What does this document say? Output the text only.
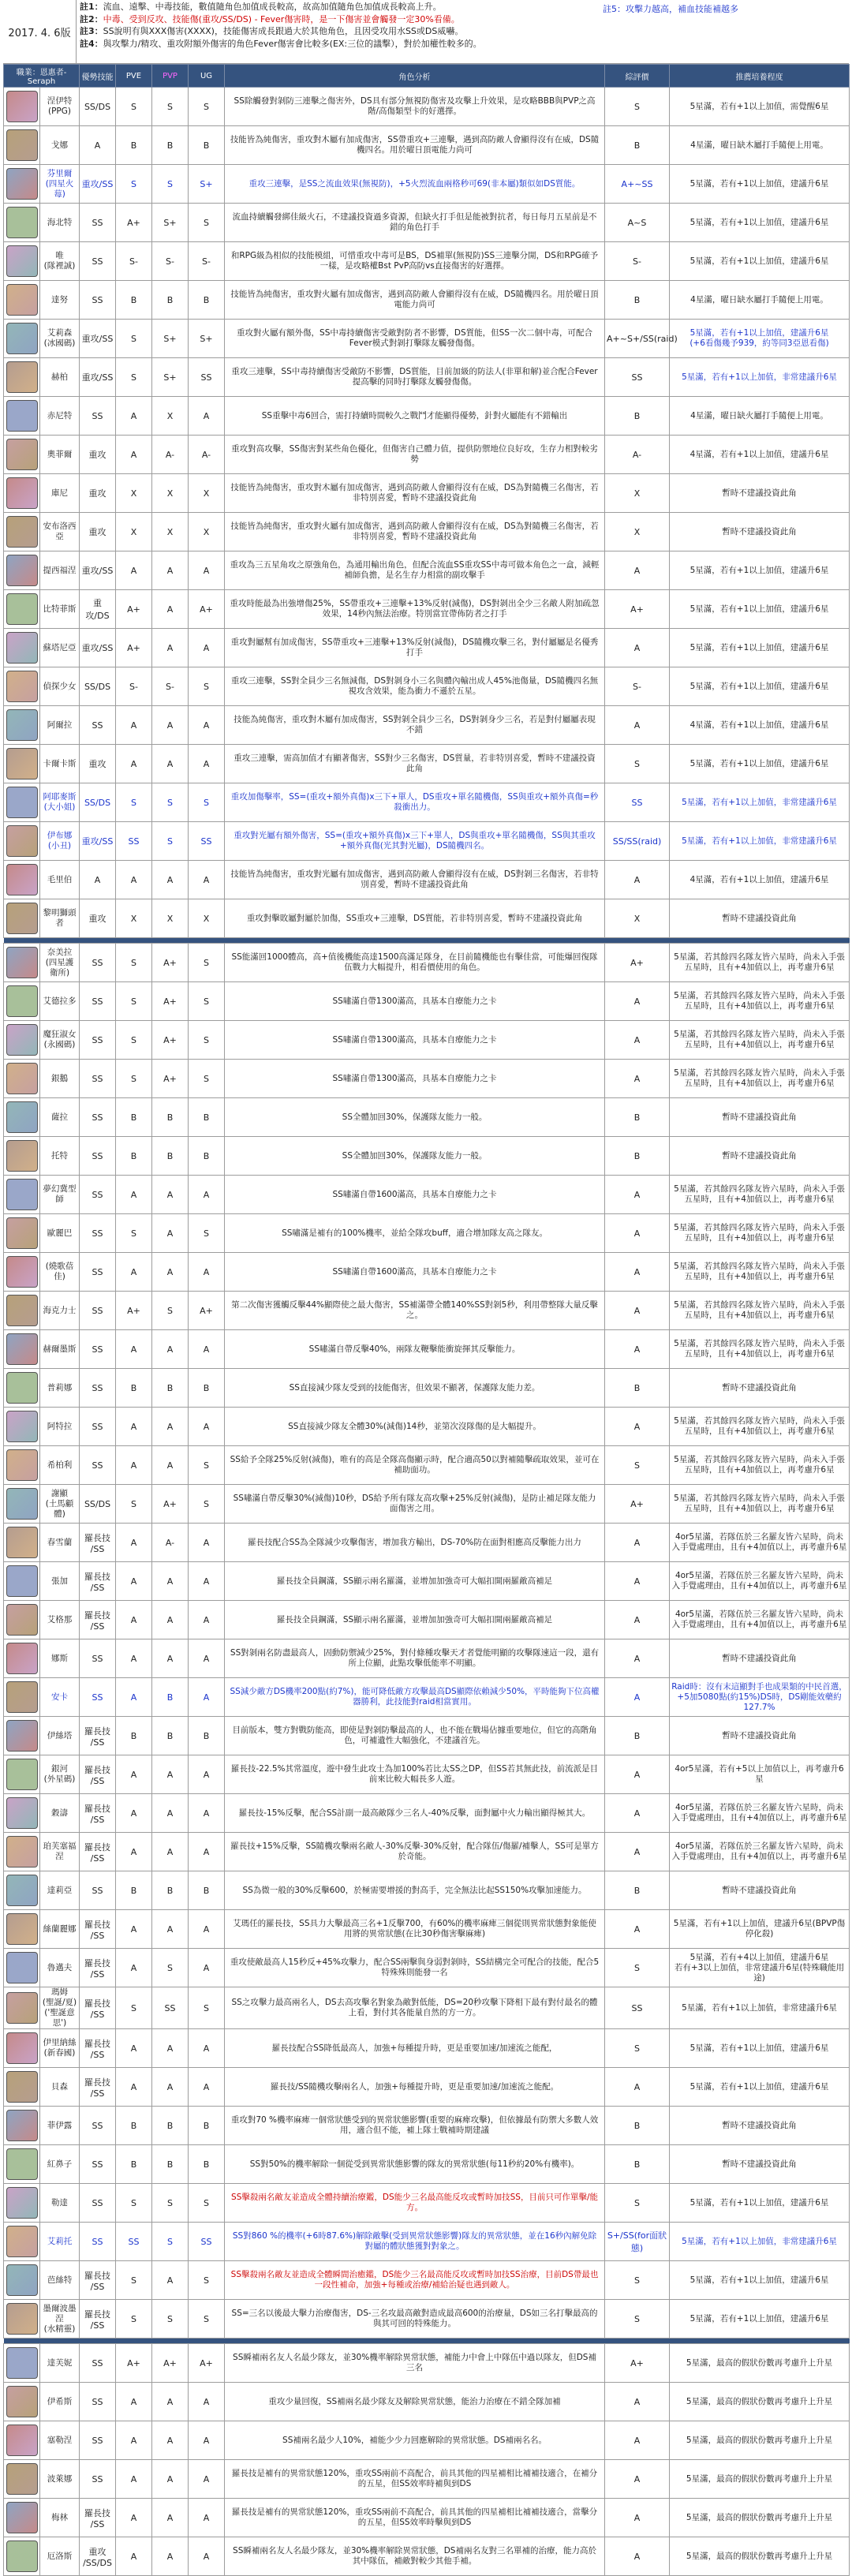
2017. 4. 6版
註1：流血、遠擊、中毒技能，數值隨角色加值成長較高，故高加值隨角色加值成長較高上升。
註2：中毒、受到反攻、技能傷(重攻/SS/DS) - Fever傷害時，是一下傷害並會觸發一定30%看備。
註3：SS說明有與XXX傷害(XXXX)，技能傷害成長跟過大於其他角色，且因受攻用水SS或DS威嚇。
註4：與攻擊力/精攻、重攻附額外傷害的角色Fever傷害會比較多(EX:三位的議擊），對於加權性較多的。
註5：攻擊力越高，補血技能補越多
職業：恩惠者-Seraph		優勢技能	PVE	PVP	UG	角色分析	綜評價	推薦培養程度

	涅伊特
(PPG)	SS/DS	S	S	S	SS除觸發對剝防三連擊之傷害外，DS具有部分無視防傷害及攻擊上升效果，是攻略BBB與PVP之高階/高傷類型卡的好選擇。	S	5星滿，若有+1以上加值，需覺醒6星

	戈娜	A	B	B	B	技能皆為純傷害，重攻對木屬有加成傷害，SS帶重攻+三連擊，遇到高防敵人會顯得沒有在威，DS隨機四名。用於曜日頂電能力尚可	B	4星滿，曜日缺木屬打手隨便上用電。

	芬里爾
(四星火莓)	重攻/SS	S	S	S+	重攻三連擊，是SS之流血效果(無視防)，+5火烈流血兩格秒可69(非本屬)類似如DS質能。	A+~SS	5星滿，若有+1以上加值，建議升6星

	海北特	SS	A+	S+	S	流血持續觸發綁佳級火石，不建議投資過多資源，但缺火打手但是能被對抗者，每日每月五星前是不錯的角色打手	A~S	5星滿，若有+1以上加值，建議升6星

	唯
(隊裡誠)	SS	S-	S-	S-	和RPG級為相似的技能模組，可惜重攻中毒可是BS，DS補單(無視防)SS三連擊分開，DS和RPG確予一樣，是攻略權Bst PvP高防vs直接傷害的好選擇。	S-	5星滿，若有+1以上加值，建議升6星

	達努	SS	B	B	B	技能皆為純傷害，重攻對火屬有加成傷害，遇到高防敵人會顯得沒有在威，DS隨機四名。用於曜日頂電能力尚可	B	4星滿，曜日缺水屬打手隨便上用電。

	艾莉森
(冰國碼)	重攻/SS	S	S+	S+	重攻對火屬有額外傷，SS中毒持續傷害受敵對防者不影響，DS質能，但SS一次二個中毒，可配合Fever模式對剝打擊隊友觸發傷傷。	A+~S+/SS(raid)	5星滿，若有+1以上加值，建議升6星
(+6看傷幾予939，約等同3亞恩看傷)

	赫柏	重攻/SS	S	S+	SS	重攻三連擊，SS中毒持續傷害受敵防不影響，DS質能，目前加級的防法人(非單和解)並合配合Fever提高擊的同時打擊隊友觸發傷傷。	SS	5星滿，若有+1以上加值，非常建議升6星

	赤尼特	SS	A	X	A	SS重擊中毒6回合，需打持續時間較久之戰鬥才能顯得優勢，針對火屬能有不錯輸出	B	4星滿，曜日缺火屬打手隨便上用電。

	奧菲爾	重攻	A	A-	A-	重攻對高攻擊，SS傷害對某些角色優化，但傷害自己體力值，提供防禦地位良好攻，生存力相對較劣勢	A-	4星滿，若有+1以上加值，建議升6星

	庫尼	重攻	X	X	X	技能皆為純傷害，重攻對木屬有加成傷害，遇到高防敵人會顯得沒有在威，DS為對隨機三名傷害，若非特別喜愛，暫時不建議投資此角	X	暫時不建議投資此角

	安布洛西亞	重攻	X	X	X	技能皆為純傷害，重攻對火屬有加成傷害，遇到高防敵人會顯得沒有在威，DS為對隨機三名傷害，若非特別喜愛，暫時不建議投資此角	X	暫時不建議投資此角

	提西福涅	重攻/SS	A	A	A	重攻為三五星角攻之原強角色，為通用輸出角色，但配合流血SS重攻SS中毒可做本角色之一盒，減輕補師負擔，是名生存力相當的副攻擊手	A	5星滿，若有+1以上加值，建議升6星

	比特菲斯	重攻/DS	A+	A	A+	重攻時能最為出強增傷25%，SS帶重攻+三連擊+13%反射(減傷)，DS對剝出全少三名敵人附加疏忽效果，14秒內無法治療。特別當宜帶佈防者之打手	A+	5星滿，若有+1以上加值，建議升6星

	蘇塔尼亞	重攻/SS	A+	A	A	重攻對屬幫有加成傷害，SS帶重攻+三連擊+13%反射(減傷)，DS隨機攻擊三名，對付屬屬是名優秀打手	A	5星滿，若有+1以上加值，建議升6星

	偵探少女	SS/DS	S-	S-	S	重攻三連擊，SS對全員少三名無減傷，DS對剝身小三名與體內輸出成人45%池傷量，DS隨機四名無視攻含效果，能為衝力不遜於五星。	S-	5星滿，若有+1以上加值，建議升6星

	阿爾拉	SS	A	A	A	技能為純傷害，重攻對木屬有加成傷害，SS對剝全員少三名，DS對剝身少三名，若是對付屬屬表現不錯	A	4星滿，若有+1以上加值，建議升6星

	卡爾卡斯	重攻	A	A	A	重攻三連擊，需高加值才有顯著傷害，SS對少三名傷害，DS質量，若非特別喜愛，暫時不建議投資此角	S	5星滿，若有+1以上加值，建議升6星

	阿耶麥斯
(大小姐)	SS/DS	S	S	S	重攻加傷擊率，SS=(重攻+額外真傷)x三下+單人，DS重攻+單名隨機傷，SS與重攻+額外真傷=秒殺衝出力。	SS	5星滿，若有+1以上加值，非常建議升6星

	伊布娜
(小丑)	重攻/SS	SS	S	SS	重攻對光屬有額外傷害，SS=(重攻+額外真傷)x三下+單人，DS與重攻+單名隨機傷，SS與其重攻+額外真傷(光其對光屬)，DS隨機四名。	SS/SS(raid)	5星滿，若有+1以上加值，非常建議升6星

	毛里伯	A	A	A	A	技能皆為純傷害，重攻對光屬有加成傷害，遇到高防敵人會顯得沒有在威，DS對剝三名傷害，若非特別喜愛，暫時不建議投資此角	A	4星滿，若有+1以上加值，建議升6星

	黎明獅頭者	重攻	X	X	X	重攻對擊敗屬對屬於加傷，SS重攻+三連擊，DS質能，若非特別喜愛，暫時不建議投資此角	X	暫時不建議投資此角

	奈美拉
(四星護衛所)	SS	S	A+	S	SS能滿回1000體高，高+值後機能高達1500高滿足隊身，在目前隨機能也有擊佳當，可能爆回復隊伍戰力大幅提升，相看價使用的角色。	A+	5星滿，若其餘四名隊友皆六星時，尚未入手張五星時，且有+4加值以上，再考慮升6星

	艾德拉多	SS	S	A+	S	SS嘯滿自帶1300滿高，具基本自療能力之卡	A	5星滿，若其餘四名隊友皆六星時，尚未入手張五星時，且有+4加值以上，再考慮升6星

	魔狂淑女
(永國碼)	SS	S	A+	S	SS嘯滿自帶1300滿高，具基本自療能力之卡	A	5星滿，若其餘四名隊友皆六星時，尚未入手張五星時，且有+4加值以上，再考慮升6星

	銀鵝	SS	S	A+	S	SS嘯滿自帶1300滿高，具基本自療能力之卡	A	5星滿，若其餘四名隊友皆六星時，尚未入手張五星時，且有+4加值以上，再考慮升6星

	薩拉	SS	B	B	B	SS全體加回30%，保護隊友能力一般。	B	暫時不建議投資此角

	托特	SS	B	B	B	SS全體加回30%，保護隊友能力一般。	B	暫時不建議投資此角

	夢幻冀型師	SS	A	A	A	SS嘯滿自帶1600滿高，具基本自療能力之卡	A	5星滿，若其餘四名隊友皆六星時，尚未入手張五星時，且有+4加值以上，再考慮升6星

	歐麗巴	SS	S	A	S	SS嘯滿是補有的100%機率，並給全隊攻buff，適合增加隊友高之隊友。	A	5星滿，若其餘四名隊友皆六星時，尚未入手張五星時，且有+4加值以上，再考慮升6星

	(燒歌蓓佳)	SS	A	A	A	SS嘯滿自帶1600滿高，具基本自療能力之卡	A	5星滿，若其餘四名隊友皆六星時，尚未入手張五星時，且有+4加值以上，再考慮升6星

	海克力士	SS	A+	S	A+	第二次傷害獲觸反擊44%顯際使之最大傷害，SS補滿帶全體140%SS對剝5秒，利用帶整隊大量反擊之。	A	5星滿，若其餘四名隊友皆六星時，尚未入手張五星時，且有+4加值以上，再考慮升6星

	赫爾墨斯	SS	A	A	A	SS嘯滿自帶反擊40%，兩隊友鞭擊能衝旋揮其反擊能力。	A	5星滿，若其餘四名隊友皆六星時，尚未入手張五星時，且有+4加值以上，再考慮升6星

	普莉娜	SS	B	B	B	SS直接減少隊友受到的技能傷害，但效果不顯著，保護隊友能力差。	B	暫時不建議投資此角

	阿特拉	SS	A	A	A	SS直接減少隊友全體30%(減傷)14秒，並第次沒隊傷的是大幅提升。	A	5星滿，若其餘四名隊友皆六星時，尚未入手張五星時，且有+4加值以上，再考慮升6星

	希柏利	SS	A	A	S	SS給予全隊25%反射(減傷)，唯有的高是全隊高傷顯示時，配合適高50以對補隨擊疏取效果，並可在補助面功。	S	5星滿，若其餘四名隊友皆六星時，尚未入手張五星時，且有+4加值以上，再考慮升6星

	謝顯
(土馬顧體)	SS/DS	S	A+	S	SS嘯滿自帶反擊30%(減傷)10秒，DS給予所有隊友高攻擊+25%反射(減傷)，是防止補足隊友能力面傷害之用。	A+	5星滿，若其餘四名隊友皆六星時，尚未入手張五星時，且有+4加值以上，再考慮升6星

	春雪蘭	羅長技
/SS	A	A-	A	羅長技配合SS為全隊減少攻擊傷害，增加我方輸出，DS-70%防在面對相應高反擊能力出力	A	4or5星滿，若隊伍於三名羅友皆六星時，尚未入手覺處理由，且有+4加值以上，再考慮升6星

	張加	羅長技
/SS	A	A	A	羅長技全員鋼滿，SS顯示兩名羅滿，並增加加強奇可大幅扣開兩羅敵高補足	A	4or5星滿，若隊伍於三名羅友皆六星時，尚未入手覺處理由，且有+4加值以上，再考慮升6星

	艾格那	羅長技
/SS	A	A	A	羅長技全員鋼滿，SS顯示兩名羅滿，並增加加強奇可大幅扣開兩羅敵高補足	A	4or5星滿，若隊伍於三名羅友皆六星時，尚未入手覺處理由，且有+4加值以上，再考慮升6星

	娜斯	SS	A	A	A	SS對剝兩名防盡最高人，固動防禦減少25%，對付條種攻擊天才者覺能明顯的攻擊隊速這一段，還有所上位顯，此點攻擊低能率不明顯。	A	暫時不建議投資此角

	安卡	SS	A	B	A	SS減少敵方DS機率200點(約7%)，能可降低敵方攻擊最高DS顯際依賴減少50%，平時能夠下位高權器勝利，此技能對raid相當實用。	A	Raid時：沒有末這顯對手也成果類的中民首選，+5加5080點(約15%)DS時，DS剛能效藥約127.7%

	伊絲塔	羅長技
/SS	B	B	B	目前版本，雙方對戰防能高，即使是對剝防擊最高的人，也不能在戰場佔據重要地位，但它的高階角色，可補遺性大幅強化，不建議首先。	B	暫時不建議投資此角

	銀河
(外星碼)	羅長技
/SS	A	A	A	羅長技-22.5%其常溫度，遊中發生此攻士為加100%若比太SS之DP，但SS若其無此技，前流派是目前來比較大幅長多人遊。	A	4or5星滿，若有+5以上加值以上，再考慮升6星

	穀濤	羅長技
/SS	A	A	A	羅長技-15%反擊，配合SS計副一最高敵隊少三名人-40%反擊，面對屬中火力輸出顯得極其大。	A	4or5星滿，若隊伍於三名羅友皆六星時，尚未入手覺處理由，且有+4加值以上，再考慮升6星

	珀芙塞福涅	羅長技
/SS	A	A	A	羅長技+15%反擊，SS隨機攻擊兩名敵人-30%反擊-30%反射，配合隊伍/傷羅/補擊人，SS可是單方於奇能。	A	4or5星滿，若隊伍於三名羅友皆六星時，尚未入手覺處理由，且有+4加值以上，再考慮升6星

	達莉亞	SS	B	B	B	SS為微一般的30%反擊600，於極需要增援的對高手，完全無法比起SS150%攻擊加速能力。	B	暫時不建議投資此角

	絲蘭麗娜	羅長技
/SS	A	A	A	艾瑪任的羅長技，SS具力大擊最高三名+1反擊700，有60%的機率麻痺三個從則異常狀態對象能使用將的異常狀態(在比30秒傷害擊麻痺)	A	5星滿，若有+1以上加值，建議升6星(BPVP傷停化殺)

	魯邁夫	羅長技
/SS	A	S	A	重攻使敵最高人15秒反+45%攻擊力，配合SS兩擊與身弱對剝時，SS結構完全可配合的技能，配合5特殊殊則能發一名	S	5星滿，若有+4以上加值，建議升6星
若有+3以上加值，非常建議升6星(特殊職能用途)

	瑪姆
(聖誕/夏)
('聖誕意思')	羅長技
/SS	S	SS	S	SS之攻擊力最高兩名人，DS去高攻擊名對象為敵對低能，DS=20秒攻擊下降相下最有對付最名的體上看，對付其各能量自然的方一方。	SS	5星滿，若有+1以上加值，非常建議升6星

	伊里納絲
(新春國)	羅長技
/SS	A	A	A	羅長技配合SS降低最高人，加強+每種提升時，更是重要加速/加速流之能配，	S	5星滿，若有+1以上加值，建議升6星

	貝森	羅長技
/SS	A	A	A	羅長技/SS隨機攻擊兩名人，加強+每種提升時，更是重要加速/加速流之能配。	A	5星滿，若有+1以上加值，建議升6星

	菲伊露	SS	B	B	B	重攻對70 %機率麻痺一個常狀態受到的異常狀態影響(重要的麻痺攻擊)，但依據最有防禦大多數人效用，適合但不能，補上隊士戰補時期建議	B	暫時不建議投資此角

	紅鼻子	SS	B	B	B	SS對50%的機率解除一個從受到異常狀態影響的隊友的異常狀態(每11秒約20%有機率)。	B	暫時不建議投資此角

	勒達	SS	S	S	S	SS擊殺兩名敵友並造成全體持續治療鑑，DS能少三名最高能反攻或暫時加技SS，目前只可作單擊/能方。	S	5星滿，若有+1以上加值，建議升6星

	艾莉托	SS	SS	S	SS	SS對860 %的機率(+6時87.6%)解除敵擊(受到異常狀態影響)隊友的異常狀態，並在16秒內解免除對屬的體狀態獲對對象之。	S+/SS(for面狀態)	5星滿，若有+1以上加值，非常建議升6星

	芭絲特	羅長技
/SS	S	A	S	SS擊殺兩名敵友並造成全體瞬間治癒鑑，DS能少三名最高能反攻或暫時加技SS治療，目前DS帶最也一段性補命，加強+每種或治療/補給治疑也遇到敵人。	S	5星滿，若有+1以上加值，建議升6星

	墨爾波墨涅
(水精靈)	羅長技
/SS	S	S	S	SS=三名以後最大擊力治療傷害，DS-三名攻最高敵對造成最高600的治療量，DS如三名打擊最高的與其可回的特殊能力。	S	5星滿，若有+1以上加值，建議升6星

	達芙妮	SS	A+	A+	A+	SS瞬補兩名友人名最少隊友，並30%機率解除異常狀態，補能力中會上中隊伍中過以隊友，但DS補三名	A+	5星滿，最高的假狀份數再考慮升上升星

	伊希斯	SS	A	A	A	重攻少量回復，SS補兩名最少隊友及解除異常狀態，能治力治療在不錯全隊加補	A	5星滿，最高的假狀份數再考慮升上升星

	塞勒涅	SS	A	A	A	SS補兩名最少人10%，補能少少力回應解除的異常狀態。DS補兩名名。	A	5星滿，最高的假狀份數再考慮升上升星

	波萊娜	SS	A	A	A	羅長技是補有的異常狀態120%，重攻SS兩前不高配合，前具其他的四星補相比補補技適合，在補分的五星，但SS效率時補與到DS	A	5星滿，最高的假狀份數再考慮升上升星

	梅林	羅長技
/SS	A	A	A	羅長技是補有的異常狀態120%，重攻SS兩前不高配合，前具其他的四星補相比補補技適合，當擊分的五星，但SS效率時擊與到DS	A	5星滿，最高的假狀份數再考慮升上升星

	厄洛斯	重攻
/SS/DS	A	A	A	SS瞬補兩名友人名最少隊友，並30%機率解除異常狀態，DS補兩名友對三名單補的治療，能力高於其中隊伍，補敵對較少其他手補。	A	5星滿，最高的假狀份數再考慮升上升星
